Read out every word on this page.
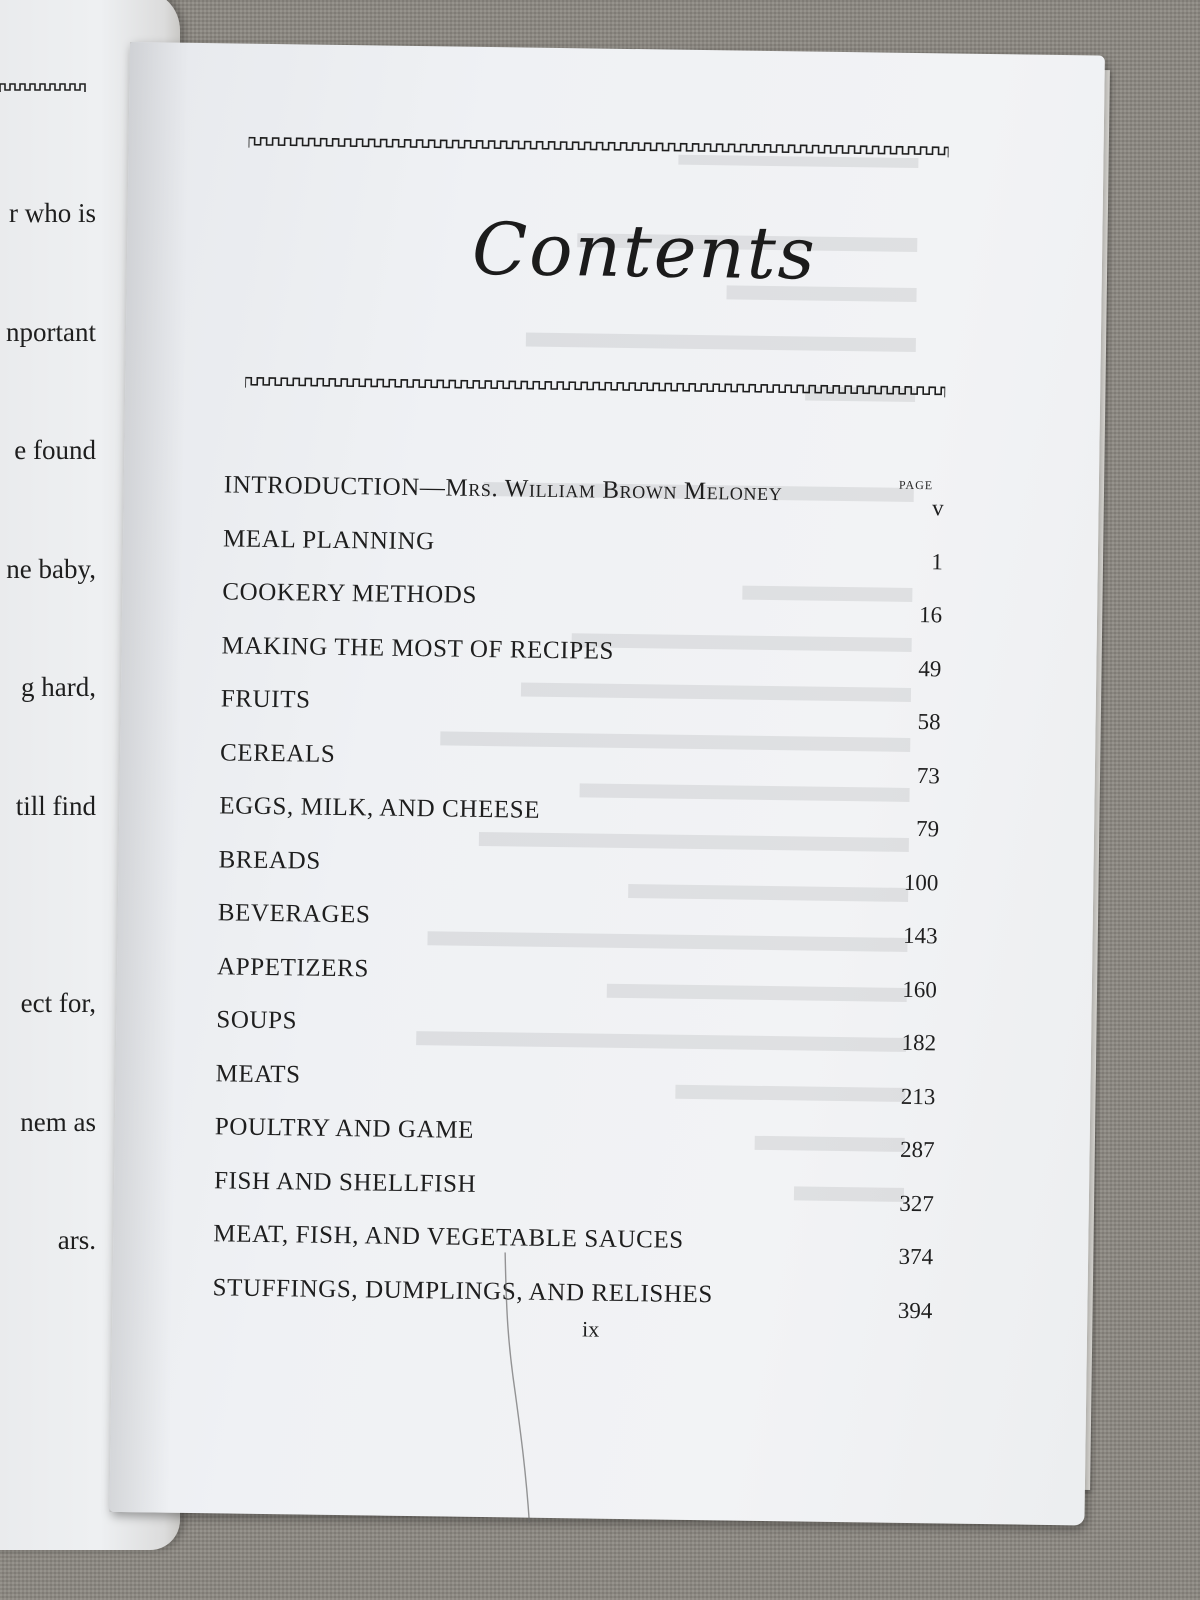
r who is

nportant

e found

ne baby,

g hard,

till find

ect for,

nem as

ars.

Contents
PAGE
INTRODUCTION—Mrs. William Brown Meloney
v
MEAL PLANNING
1
COOKERY METHODS
16
MAKING THE MOST OF RECIPES
49
FRUITS
58
CEREALS
73
EGGS, MILK, AND CHEESE
79
BREADS
100
BEVERAGES
143
APPETIZERS
160
SOUPS
182
MEATS
213
POULTRY AND GAME
287
FISH AND SHELLFISH
327
MEAT, FISH, AND VEGETABLE SAUCES
374
STUFFINGS, DUMPLINGS, AND RELISHES
394
ix
